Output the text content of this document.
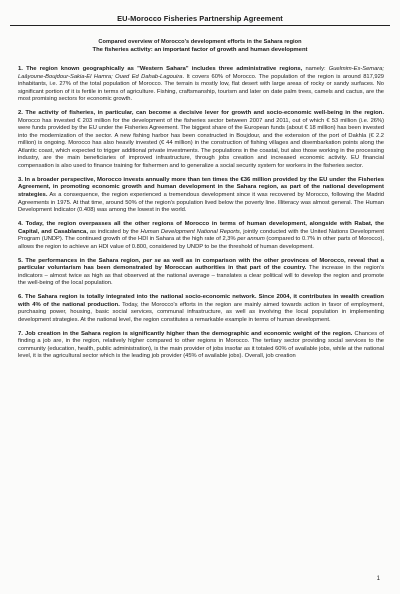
EU-Morocco Fisheries Partnership Agreement
Compared overview of Morocco's development efforts in the Sahara region
The fisheries activity: an important factor of growth and human development

1. The region known geographically as "Western Sahara" includes three administrative regions, namely: Guelmim-Es-Semara; Laâyoune-Boujdour-Sakia-El Hamra; Oued Ed Dahab-Lagouira. It covers 60% of Morocco. The population of the region is around 817,929 inhabitants, i.e. 27% of the total population of Morocco. The terrain is mostly low, flat desert with large areas of rocky or sandy surfaces. No significant portion of it is fertile in terms of agriculture. Fishing, craftsmanship, tourism and later on date palm trees, camels and cactus, are the most promising sectors for economic growth.

2. The activity of fisheries, in particular, can become a decisive lever for growth and socio-economic well-being in the region. Morocco has invested € 203 million for the development of the fisheries sector between 2007 and 2011, out of which € 53 million (i.e. 26%) were funds provided by the EU under the Fisheries Agreement. The biggest share of the European funds (about € 18 million) has been invested into the modernization of the sector. A new fishing harbor has been constructed in Boujdour, and the extension of the port of Dakhla (€ 2.2 million) is ongoing. Morocco has also heavily invested (€ 44 million) in the construction of fishing villages and disembarkation points along the Atlantic coast, which expected to trigger additional private investments. The populations in the coastal, but also those working in the processing industry, are the main beneficiaries of improved infrastructure, through jobs creation and increased economic activity. EU financial compensation is also used to finance training for fishermen and to generalize a social security system for workers in the fisheries sector.

3. In a broader perspective, Morocco invests annually more than ten times the €36 million provided by the EU under the Fisheries Agreement, in promoting economic growth and human development in the Sahara region, as part of the national development strategies. As a consequence, the region experienced a tremendous development since it was recovered by Morocco, following the Madrid Agreements in 1975. At that time, around 50% of the region's population lived below the poverty line. Illiteracy was almost general. The Human Development Indicator (0.408) was among the lowest in the world.

4. Today, the region overpasses all the other regions of Morocco in terms of human development, alongside with Rabat, the Capital, and Casablanca, as indicated by the Human Development National Reports, jointly conducted with the United Nations Development Program (UNDP). The continued growth of the HDI in Sahara at the high rate of 2,3% per annum (compared to 0.7% in other parts of Morocco), allows the region to achieve an HDI value of 0.800, considered by UNDP to be the threshold of human development.

5. The performances in the Sahara region, per se as well as in comparison with the other provinces of Morocco, reveal that a particular voluntarism has been demonstrated by Moroccan authorities in that part of the country. The increase in the region's indicators – almost twice as high as that observed at the national average – translates a clear political will to develop the region and promote the well-being of the local population.

6. The Sahara region is totally integrated into the national socio-economic network. Since 2004, it contributes in wealth creation with 4% of the national production. Today, the Morocco's efforts in the region are mainly aimed towards action in favor of employment, purchasing power, housing, basic social services, communal infrastructure, as well as involving the local population in implementing development strategies. At the national level, the region constitutes a remarkable example in terms of human development.

7. Job creation in the Sahara region is significantly higher than the demographic and economic weight of the region. Chances of finding a job are, in the region, relatively higher compared to other regions in Morocco. The tertiary sector providing social services to the community (education, health, public administration), is the main provider of jobs insofar as it totaled 60% of available jobs, while at the national level, it is the agricultural sector which is the leading job provider (45% of available jobs). Overall, job creation

1
